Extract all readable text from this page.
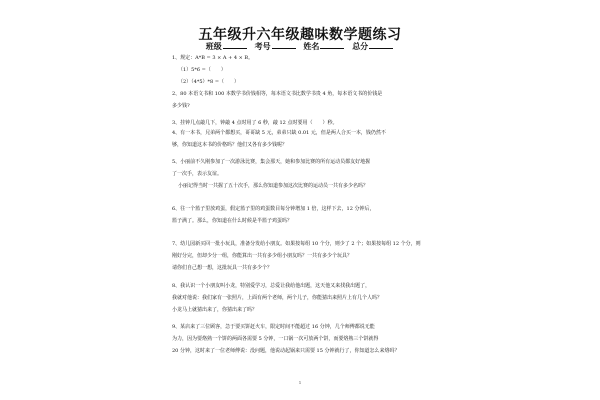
五年级升六年级趣味数学题练习
班级	考号	姓名	总分

1、规定：A*B = 3 × A + 4 × B。

（1）5*6 =（　　）

（2）（4*5）*8 =（　　）

2、80 本语文书和 100 本数学书价钱相等，每本语文书比数学书贵 4 角，每本语文书的价钱是

多少钱?

3、挂钟几点敲几下，钟敲 4 点时用了 6 秒，敲 12 点时要用（　　）秒。

4、有一本书，兄弟两个都想买，哥哥缺 5 元，弟弟只缺 0.01 元，但是两人合买一本，钱仍然不

够，你知道这本书的价格吗？他们又各有多少钱呢？

5、小丽前不久刚参加了一次游泳比赛，集会那天，她和参加比赛的所有运动员都友好地握

了一次手，表示友谊。

小丽记得当时一共握了五十次手，那么你知道参加这次比赛的运动员一共有多少名吗？

6、往一个篮子里放鸡蛋，假定篮子里的鸡蛋数目每分钟增加 1 倍，这样下去，12 分钟后，

篮子满了。那么，你知道在什么时候是半篮子鸡蛋吗？

7、幼儿园新买回一批小玩具，准备分发给小朋友。如果按每组 10 个分，则少了 2 个；如果按每组 12 个分，则

刚好分完，但却少分一组，你能算出一共有多少组小朋友吗？一共有多少个玩具？

请你们自己想一想，这批玩具一共有多少个？

8、我认识一个小朋友叫小龙，特别爱学习，总爱让我给他出题，这天他又来找我出题了，

我就对他说：我们家有一张照片，上面有两个老师，两个儿子，你能猜出来照片上有几个人吗？

小龙马上就猜出来了，你猜出来了吗？

9、某店来了三位顾客，急于要买饼赶火车，限定时间不能超过 16 分钟，几个师傅都说无能

为力，因为要烙熟一个饼的两面各需要 5 分钟，一口锅一次可放两个饼，而要烙熟三个饼就得

20 分钟，这时来了一位老师傅说：没问题，他说动起锅来只需要 15 分钟就行了，你知道怎么来烙吗？

1
